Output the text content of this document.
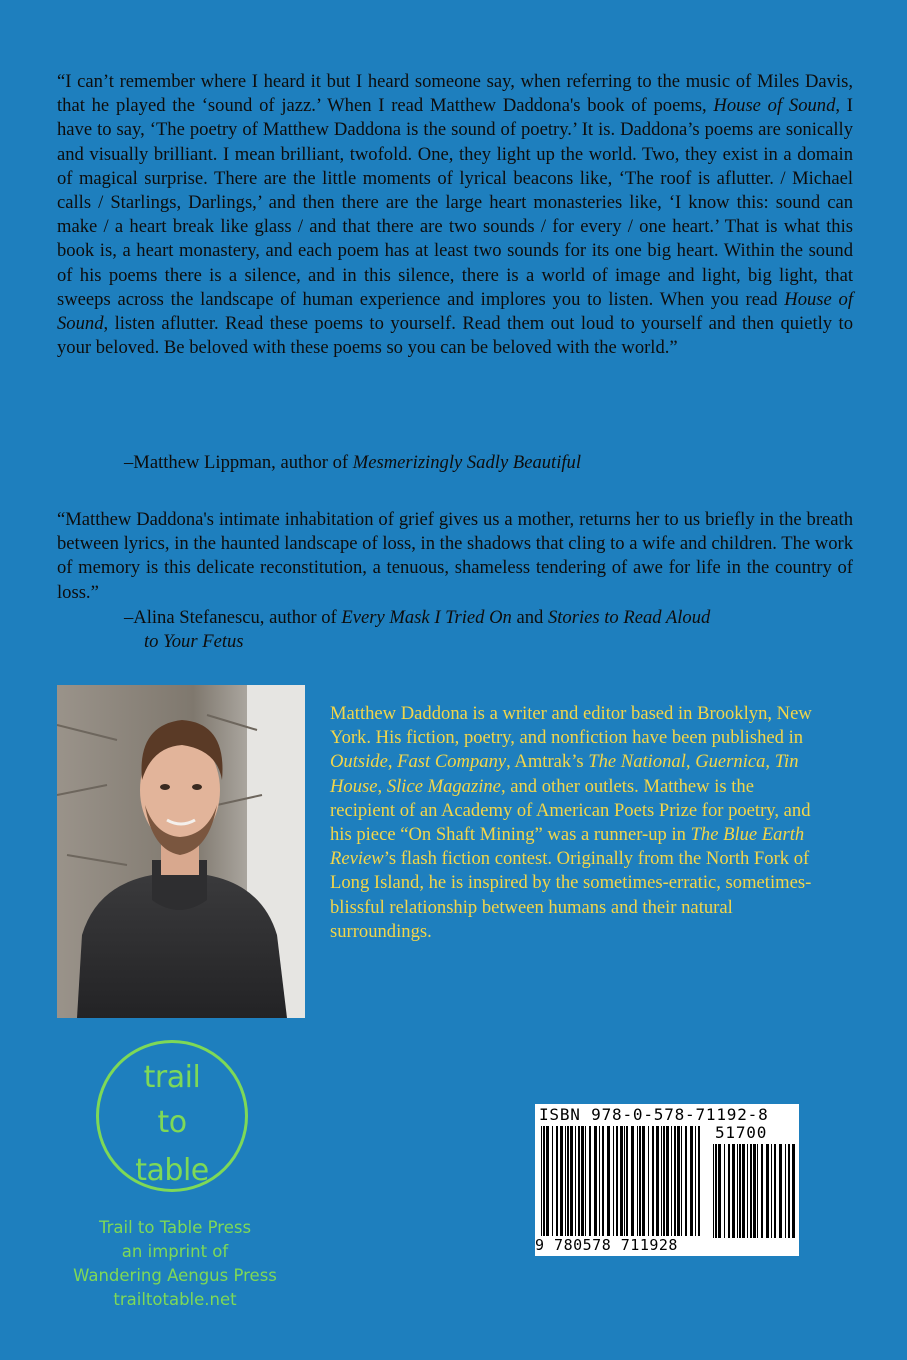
“I can’t remember where I heard it but I heard someone say, when referring to the music of Miles Davis, that he played the ‘sound of jazz.’ When I read Matthew Daddona's book of poems, House of Sound, I have to say, ‘The poetry of Matthew Daddona is the sound of poetry.’ It is. Daddona’s poems are sonically and visually brilliant. I mean brilliant, twofold. One, they light up the world. Two, they exist in a domain of magical surprise. There are the little moments of lyrical beacons like, ‘The roof is aflutter. / Michael calls / Starlings, Darlings,’ and then there are the large heart monasteries like, ‘I know this: sound can make / a heart break like glass / and that there are two sounds / for every / one heart.’ That is what this book is, a heart monastery, and each poem has at least two sounds for its one big heart. Within the sound of his poems there is a silence, and in this silence, there is a world of image and light, big light, that sweeps across the landscape of human experience and implores you to listen. When you read House of Sound, listen aflutter. Read these poems to yourself. Read them out loud to yourself and then quietly to your beloved. Be beloved with these poems so you can be beloved with the world.”
–Matthew Lippman, author of Mesmerizingly Sadly Beautiful
“Matthew Daddona's intimate inhabitation of grief gives us a mother, returns her to us briefly in the breath between lyrics, in the haunted landscape of loss, in the shadows that cling to a wife and children. The work of memory is this delicate reconstitution, a tenuous, shameless tendering of awe for life in the country of loss.”
–Alina Stefanescu, author of Every Mask I Tried On and Stories to Read Aloud
to Your Fetus
Matthew Daddona is a writer and editor based in Brooklyn, New York. His fiction, poetry, and nonfiction have been published in Outside, Fast Company, Amtrak’s The National, Guernica, Tin House, Slice Magazine, and other outlets. Matthew is the recipient of an Academy of American Poets Prize for poetry, and his piece “On Shaft Mining” was a runner-up in The Blue Earth Review’s flash fiction contest. Originally from the North Fork of Long Island, he is inspired by the sometimes-erratic, sometimes-blissful relationship between humans and their natural surroundings.
trail
to
table
Trail to Table Press
an imprint of
Wandering Aengus Press
trailtotable.net
ISBN 978-0-578-71192-8
51700
9 780578 711928
